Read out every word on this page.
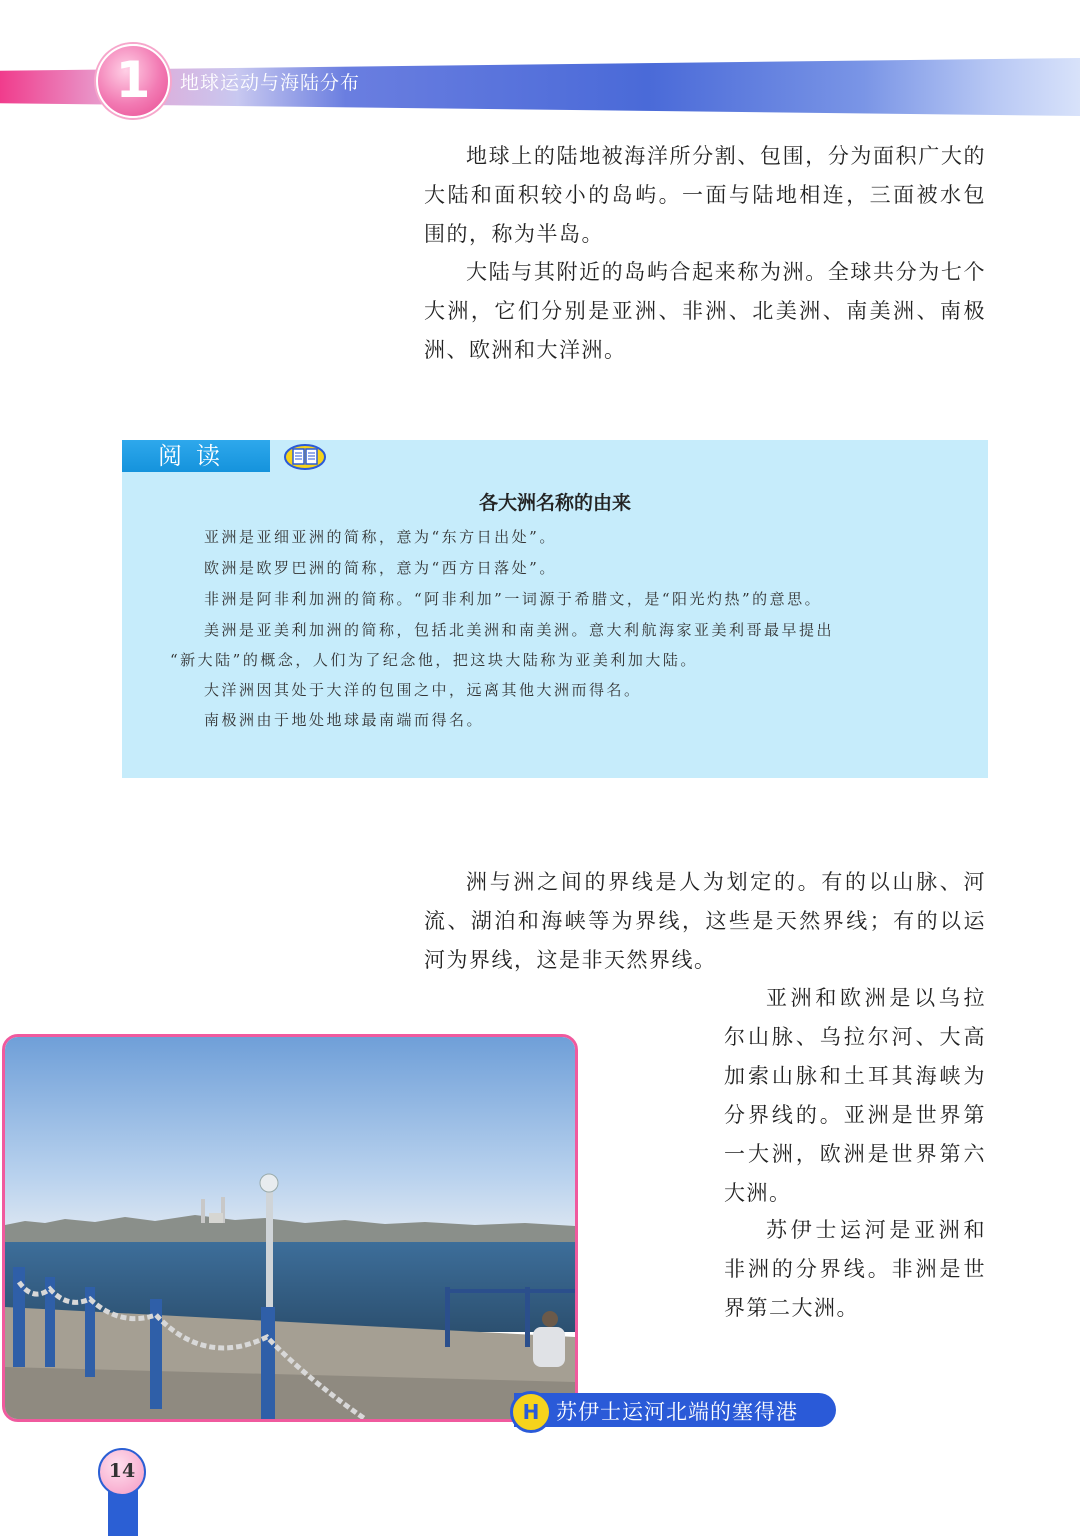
1	地球运动与海陆分布

地球上的陆地被海洋所分割、包围，分为面积广大的大陆和面积较小的岛屿。一面与陆地相连，三面被水包围的，称为半岛。

大陆与其附近的岛屿合起来称为洲。全球共分为七个大洲，它们分别是亚洲、非洲、北美洲、南美洲、南极洲、欧洲和大洋洲。

阅读
各大洲名称的由来
亚洲是亚细亚洲的简称，意为“东方日出处”。
欧洲是欧罗巴洲的简称，意为“西方日落处”。
非洲是阿非利加洲的简称。“阿非利加”一词源于希腊文，是“阳光灼热”的意思。
美洲是亚美利加洲的简称，包括北美洲和南美洲。意大利航海家亚美利哥最早提出
“新大陆”的概念，人们为了纪念他，把这块大陆称为亚美利加大陆。
大洋洲因其处于大洋的包围之中，远离其他大洲而得名。
南极洲由于地处地球最南端而得名。

洲与洲之间的界线是人为划定的。有的以山脉、河流、湖泊和海峡等为界线，这些是天然界线；有的以运河为界线，这是非天然界线。

亚洲和欧洲是以乌拉尔山脉、乌拉尔河、大高加索山脉和土耳其海峡为分界线的。亚洲是世界第一大洲，欧洲是世界第六大洲。

苏伊士运河是亚洲和非洲的分界线。非洲是世界第二大洲。

H 苏伊士运河北端的塞得港
14
